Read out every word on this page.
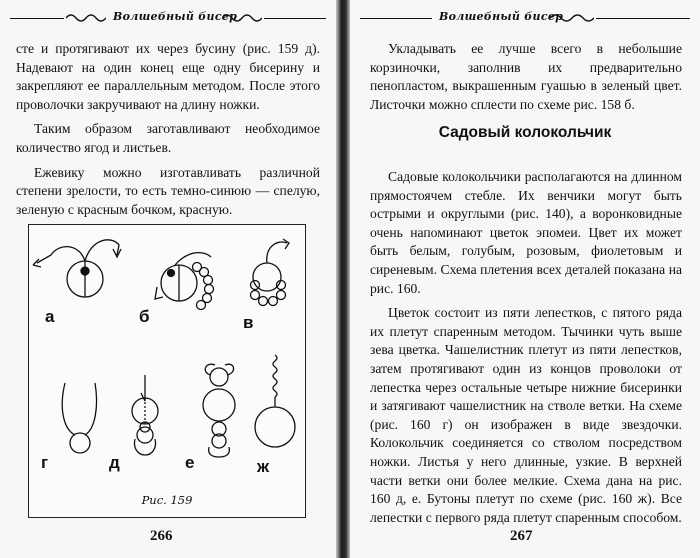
Волшебный бисер

сте и протягивают их через бусину (рис. 159 д). Надевают на один конец еще одну бисерину и закрепляют ее параллельным методом. После этого проволочки закручивают на длину ножки.

Таким образом заготавливают необходимое количество ягод и листьев.

Ежевику можно изготавливать различной степени зрелости, то есть темно-синюю — спелую, зеленую с красным бочком, красную.

а	б	в
г	д	е	ж
Рис. 159
266
Волшебный бисер

Укладывать ее лучше всего в небольшие корзиночки, заполнив их предварительно пенопластом, выкрашенным гуашью в зеленый цвет. Листочки можно сплести по схеме рис. 158 б.

Садовый колокольчик

Садовые колокольчики располагаются на длинном прямостоячем стебле. Их венчики могут быть острыми и округлыми (рис. 140), а воронковидные очень напоминают цветок эпомеи. Цвет их может быть белым, голубым, розовым, фиолетовым и сиреневым. Схема плетения всех деталей показана на рис. 160.

Цветок состоит из пяти лепестков, с пятого ряда их плетут спаренным методом. Тычинки чуть выше зева цветка. Чашелистник плетут из пяти лепестков, затем протягивают один из концов проволоки от лепестка через остальные четыре нижние бисеринки и затягивают чашелистник на стволе ветки. На схеме (рис. 160 г) он изображен в виде звездочки. Колокольчик соединяется со стволом посредством ножки. Листья у него длинные, узкие. В верхней части ветки они более мелкие. Схема дана на рис. 160 д, е. Бутоны плетут по схеме (рис. 160 ж). Все лепестки с первого ряда плетут спаренным способом.

267
